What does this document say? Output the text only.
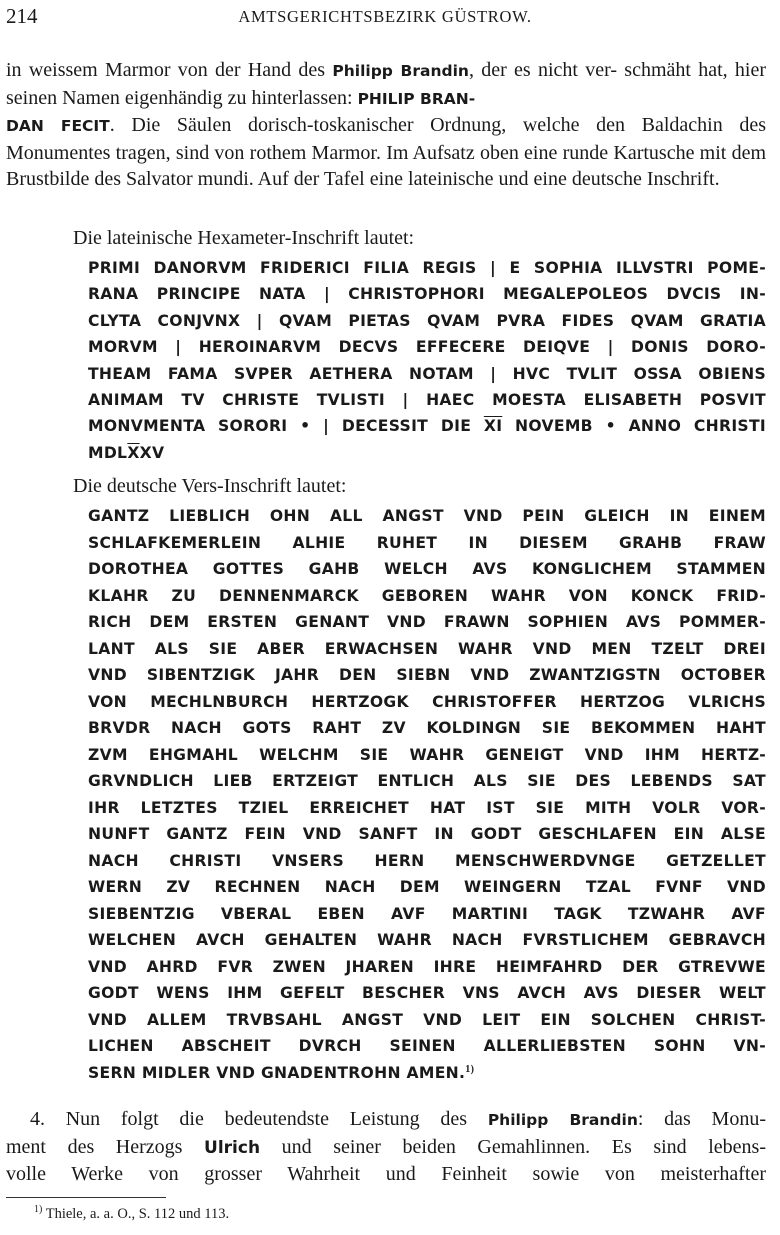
214	AMTSGERICHTSBEZIRK GÜSTROW.
in weissem Marmor von der Hand des Philipp Brandin, der es nicht ver- schmäht hat, hier seinen Namen eigenhändig zu hinterlassen: PHILIP BRAN-
DAN FECIT. Die Säulen dorisch-toskanischer Ordnung, welche den Baldachin des Monumentes tragen, sind von rothem Marmor. Im Aufsatz oben eine runde Kartusche mit dem Brustbilde des Salvator mundi. Auf der Tafel eine lateinische und eine deutsche Inschrift.
Die lateinische Hexameter-Inschrift lautet:
PRIMI DANORVM FRIDERICI FILIA REGIS | E SOPHIA ILLVSTRI POME-
RANA PRINCIPE NATA | CHRISTOPHORI MEGALEPOLEOS DVCIS IN-
CLYTA CONJVNX | QVAM PIETAS QVAM PVRA FIDES QVAM GRATIA
MORVM | HEROINARVM DECVS EFFECERE DEIQVE | DONIS DORO-
THEAM FAMA SVPER AETHERA NOTAM | HVC TVLIT OSSA OBIENS
ANIMAM TV CHRISTE TVLISTI | HAEC MOESTA ELISABETH POSVIT
MONVMENTA SORORI • | DECESSIT DIE $\overline{XI}$ NOVEMB • ANNO CHRISTI
$MDL\overline{X}XV$
Die deutsche Vers-Inschrift lautet:
GANTZ LIEBLICH OHN ALL ANGST VND PEIN GLEICH IN EINEM
SCHLAFKEMERLEIN ALHIE RUHET IN DIESEM GRAHB FRAW
DOROTHEA GOTTES GAHB WELCH AVS KONGLICHEM STAMMEN
KLAHR ZU DENNENMARCK GEBOREN WAHR VON KONCK FRID-
RICH DEM ERSTEN GENANT VND FRAWN SOPHIEN AVS POMMER-
LANT ALS SIE ABER ERWACHSEN WAHR VND MEN TZELT DREI
VND SIBENTZIGK JAHR DEN SIEBN VND ZWANTZIGSTN OCTOBER
VON MECHLNBURCH HERTZOGK CHRISTOFFER HERTZOG VLRICHS
BRVDR NACH GOTS RAHT ZV KOLDINGN SIE BEKOMMEN HAHT
ZVM EHGMAHL WELCHM SIE WAHR GENEIGT VND IHM HERTZ-
GRVNDLICH LIEB ERTZEIGT ENTLICH ALS SIE DES LEBENDS SAT
IHR LETZTES TZIEL ERREICHET HAT IST SIE MITH VOLR VOR-
NUNFT GANTZ FEIN VND SANFT IN GODT GESCHLAFEN EIN ALSE
NACH CHRISTI VNSERS HERN MENSCHWERDVNGE GETZELLET
WERN ZV RECHNEN NACH DEM WEINGERN TZAL FVNF VND
SIEBENTZIG VBERAL EBEN AVF MARTINI TAGK TZWAHR AVF
WELCHEN AVCH GEHALTEN WAHR NACH FVRSTLICHEM GEBRAVCH
VND AHRD FVR ZWEN JHAREN IHRE HEIMFAHRD DER GTREVWE
GODT WENS IHM GEFELT BESCHER VNS AVCH AVS DIESER WELT
VND ALLEM TRVBSAHL ANGST VND LEIT EIN SOLCHEN CHRIST-
LICHEN ABSCHEIT DVRCH SEINEN ALLERLIEBSTEN SOHN VN-
SERN MIDLER VND GNADENTROHN AMEN.$^{1)}$
4. Nun folgt die bedeutendste Leistung des Philipp Brandin: das Monu-
ment des Herzogs Ulrich und seiner beiden Gemahlinnen. Es sind lebens-
volle Werke von grosser Wahrheit und Feinheit sowie von meisterhafter
$^{1)}$ Thiele, a. a. O., S. 112 und 113.
